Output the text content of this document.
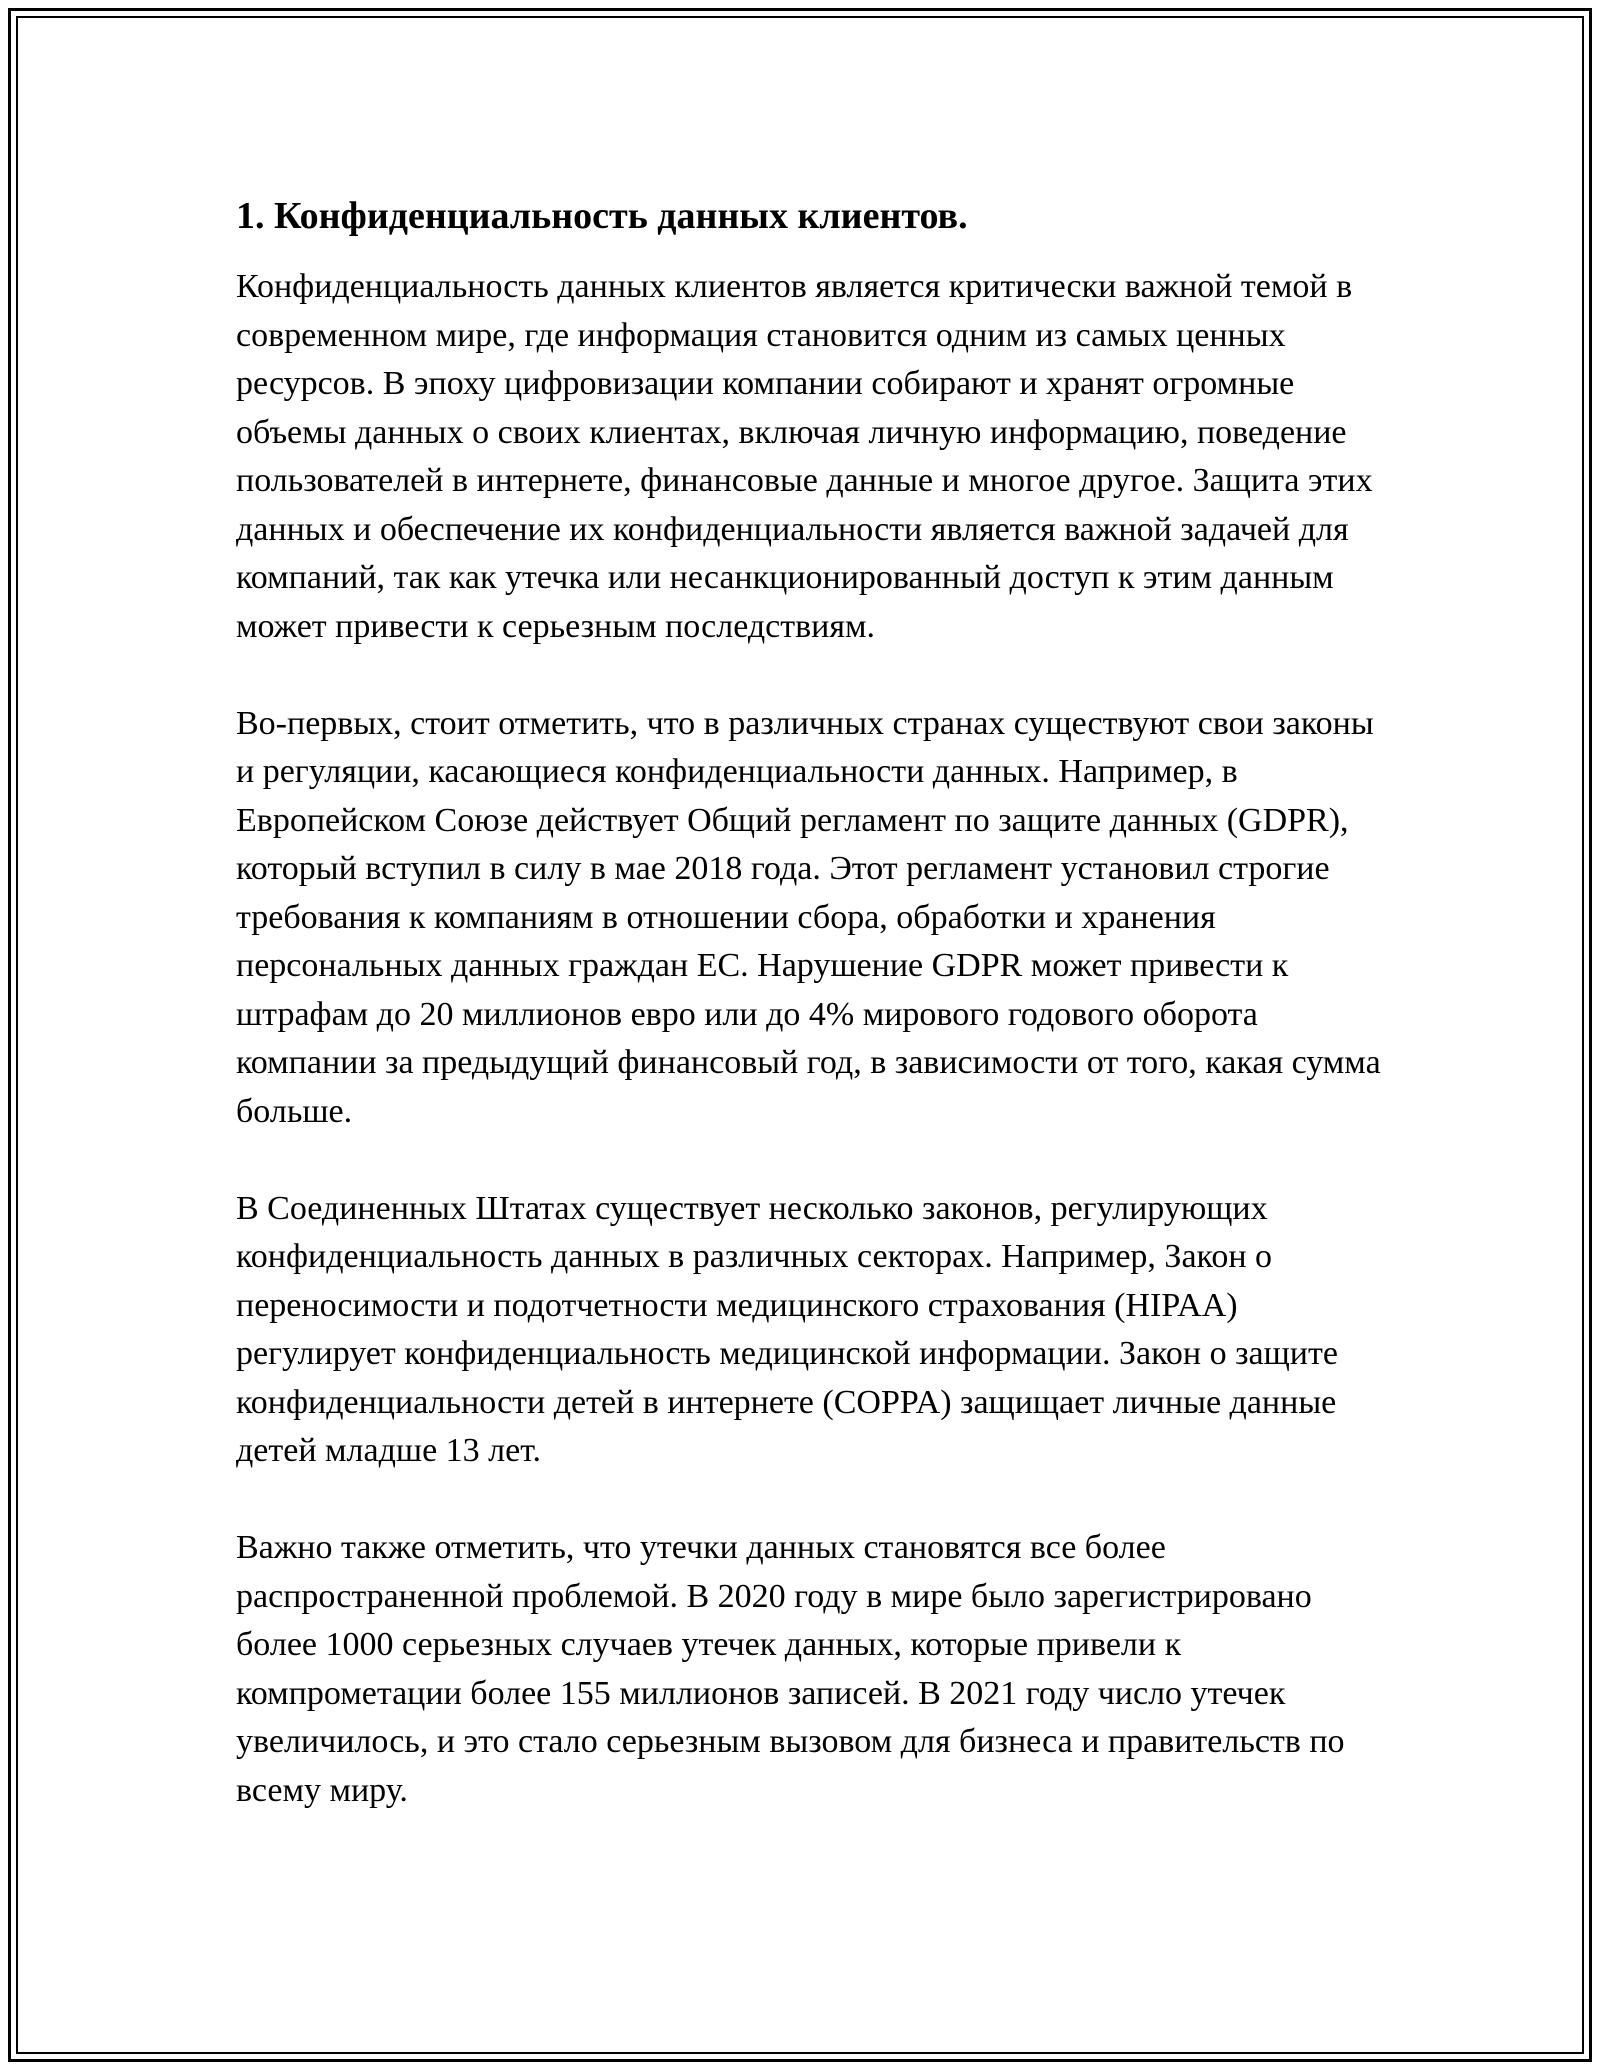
1. Конфиденциальность данных клиентов.

Конфиденциальность данных клиентов является критически важной темой в современном мире, где информация становится одним из самых ценных ресурсов. В эпоху цифровизации компании собирают и хранят огромные объемы данных о своих клиентах, включая личную информацию, поведение пользователей в интернете, финансовые данные и многое другое. Защита этих данных и обеспечение их конфиденциальности является важной задачей для компаний, так как утечка или несанкционированный доступ к этим данным может привести к серьезным последствиям.

Во-первых, стоит отметить, что в различных странах существуют свои законы и регуляции, касающиеся конфиденциальности данных. Например, в Европейском Союзе действует Общий регламент по защите данных (GDPR), который вступил в силу в мае 2018 года. Этот регламент установил строгие требования к компаниям в отношении сбора, обработки и хранения персональных данных граждан ЕС. Нарушение GDPR может привести к штрафам до 20 миллионов евро или до 4% мирового годового оборота компании за предыдущий финансовый год, в зависимости от того, какая сумма больше.

В Соединенных Штатах существует несколько законов, регулирующих конфиденциальность данных в различных секторах. Например, Закон о переносимости и подотчетности медицинского страхования (HIPAA) регулирует конфиденциальность медицинской информации. Закон о защите конфиденциальности детей в интернете (COPPA) защищает личные данные детей младше 13 лет.

Важно также отметить, что утечки данных становятся все более распространенной проблемой. В 2020 году в мире было зарегистрировано более 1000 серьезных случаев утечек данных, которые привели к компрометации более 155 миллионов записей. В 2021 году число утечек увеличилось, и это стало серьезным вызовом для бизнеса и правительств по всему миру.
